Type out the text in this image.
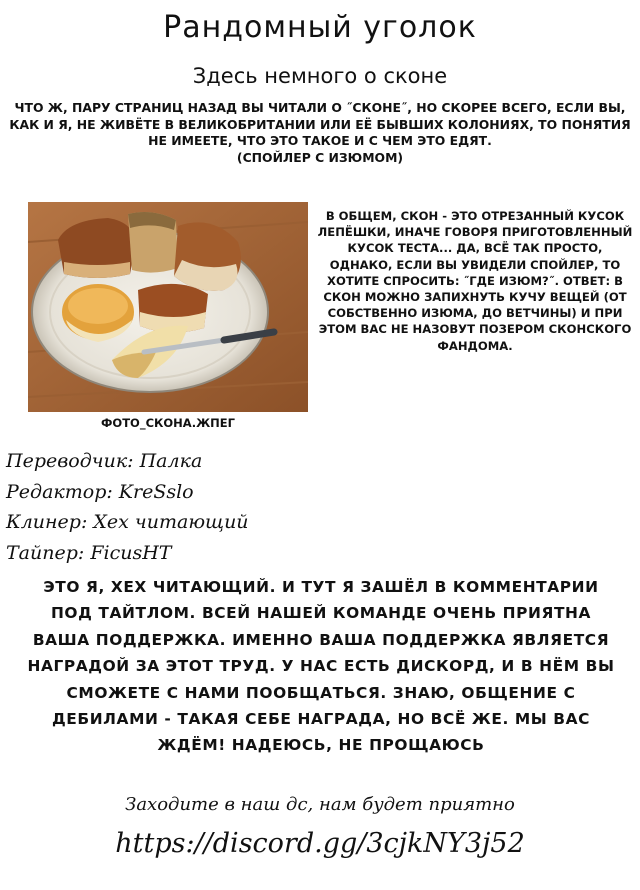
Рандомный уголок
Здесь немного о сконе
ЧТО Ж, ПАРУ СТРАНИЦ НАЗАД ВЫ ЧИТАЛИ О ˝СКОНЕ˝, НО СКОРЕЕ ВСЕГО, ЕСЛИ ВЫ, КАК И Я, НЕ ЖИВЁТЕ В ВЕЛИКОБРИТАНИИ ИЛИ ЕЁ БЫВШИХ КОЛОНИЯХ, ТО ПОНЯТИЯ НЕ ИМЕЕТЕ, ЧТО ЭТО ТАКОЕ И С ЧЕМ ЭТО ЕДЯТ.
(СПОЙЛЕР С ИЗЮМОМ)
ФОТО_СКОНА.ЖПЕГ
В ОБЩЕМ, СКОН - ЭТО ОТРЕЗАННЫЙ КУСОК ЛЕПЁШКИ, ИНАЧЕ ГОВОРЯ ПРИГОТОВЛЕННЫЙ КУСОК ТЕСТА... ДА, ВСЁ ТАК ПРОСТО, ОДНАКО, ЕСЛИ ВЫ УВИДЕЛИ СПОЙЛЕР, ТО ХОТИТЕ СПРОСИТЬ: ˝ГДЕ ИЗЮМ?˝. ОТВЕТ: В СКОН МОЖНО ЗАПИХНУТЬ КУЧУ ВЕЩЕЙ (ОТ СОБСТВЕННО ИЗЮМА, ДО ВЕТЧИНЫ) И ПРИ ЭТОМ ВАС НЕ НАЗОВУТ ПОЗЕРОМ СКОНСКОГО ФАНДОМА.
Переводчик: Палка
Редактор: KreSslo
Клинер: Хех читающий
Тайпер: FicusHT
ЭТО Я, ХЕХ ЧИТАЮЩИЙ. И ТУТ Я ЗАШЁЛ В КОММЕНТАРИИ ПОД ТАЙТЛОМ. ВСЕЙ НАШЕЙ КОМАНДЕ ОЧЕНЬ ПРИЯТНА ВАША ПОДДЕРЖКА. ИМЕННО ВАША ПОДДЕРЖКА ЯВЛЯЕТСЯ НАГРАДОЙ ЗА ЭТОТ ТРУД. У НАС ЕСТЬ ДИСКОРД, И В НЁМ ВЫ СМОЖЕТЕ С НАМИ ПООБЩАТЬСЯ. ЗНАЮ, ОБЩЕНИЕ С ДЕБИЛАМИ - ТАКАЯ СЕБЕ НАГРАДА, НО ВСЁ ЖЕ. МЫ ВАС ЖДЁМ! НАДЕЮСЬ, НЕ ПРОЩАЮСЬ
Заходите в наш дс, нам будет приятно
https://discord.gg/3cjkNY3j52
